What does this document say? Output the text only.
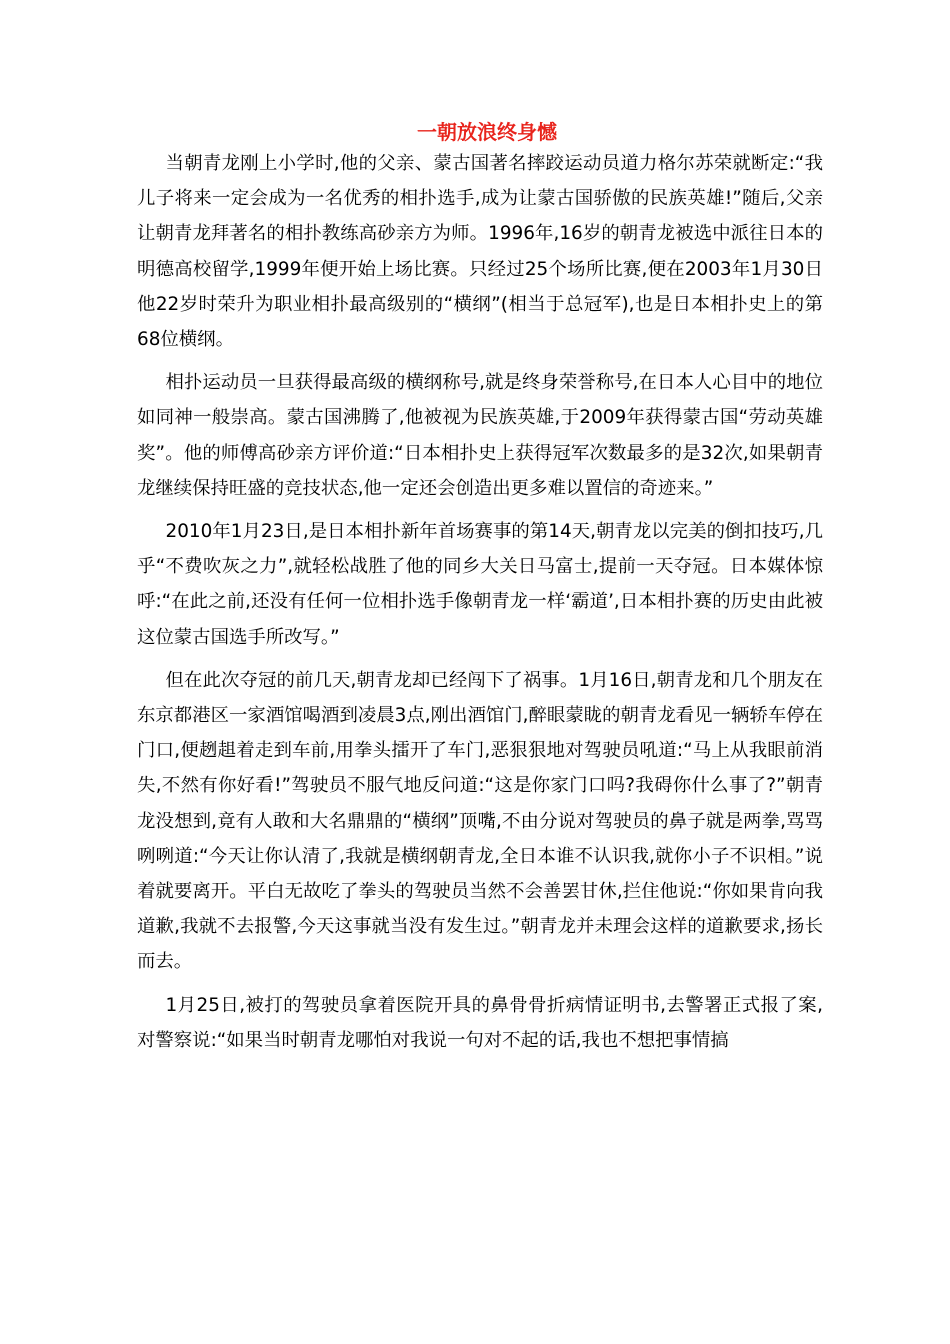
一朝放浪终身憾

当朝青龙刚上小学时,他的父亲、蒙古国著名摔跤运动员道力格尔苏荣就断定:“我儿子将来一定会成为一名优秀的相扑选手,成为让蒙古国骄傲的民族英雄!”随后,父亲让朝青龙拜著名的相扑教练高砂亲方为师。1996年,16岁的朝青龙被选中派往日本的明德高校留学,1999年便开始上场比赛。只经过25个场所比赛,便在2003年1月30日他22岁时荣升为职业相扑最高级别的“横纲”(相当于总冠军),也是日本相扑史上的第68位横纲。

相扑运动员一旦获得最高级的横纲称号,就是终身荣誉称号,在日本人心目中的地位如同神一般崇高。蒙古国沸腾了,他被视为民族英雄,于2009年获得蒙古国“劳动英雄奖”。他的师傅高砂亲方评价道:“日本相扑史上获得冠军次数最多的是32次,如果朝青龙继续保持旺盛的竞技状态,他一定还会创造出更多难以置信的奇迹来。”

2010年1月23日,是日本相扑新年首场赛事的第14天,朝青龙以完美的倒扣技巧,几乎“不费吹灰之力”,就轻松战胜了他的同乡大关日马富士,提前一天夺冠。日本媒体惊呼:“在此之前,还没有任何一位相扑选手像朝青龙一样‘霸道’,日本相扑赛的历史由此被这位蒙古国选手所改写。”

但在此次夺冠的前几天,朝青龙却已经闯下了祸事。1月16日,朝青龙和几个朋友在东京都港区一家酒馆喝酒到凌晨3点,刚出酒馆门,醉眼蒙眬的朝青龙看见一辆轿车停在门口,便趔趄着走到车前,用拳头擂开了车门,恶狠狠地对驾驶员吼道:“马上从我眼前消失,不然有你好看!”驾驶员不服气地反问道:“这是你家门口吗?我碍你什么事了?”朝青龙没想到,竟有人敢和大名鼎鼎的“横纲”顶嘴,不由分说对驾驶员的鼻子就是两拳,骂骂咧咧道:“今天让你认清了,我就是横纲朝青龙,全日本谁不认识我,就你小子不识相。”说着就要离开。平白无故吃了拳头的驾驶员当然不会善罢甘休,拦住他说:“你如果肯向我道歉,我就不去报警,今天这事就当没有发生过。”朝青龙并未理会这样的道歉要求,扬长而去。

1月25日,被打的驾驶员拿着医院开具的鼻骨骨折病情证明书,去警署正式报了案,对警察说:“如果当时朝青龙哪怕对我说一句对不起的话,我也不想把事情搞
